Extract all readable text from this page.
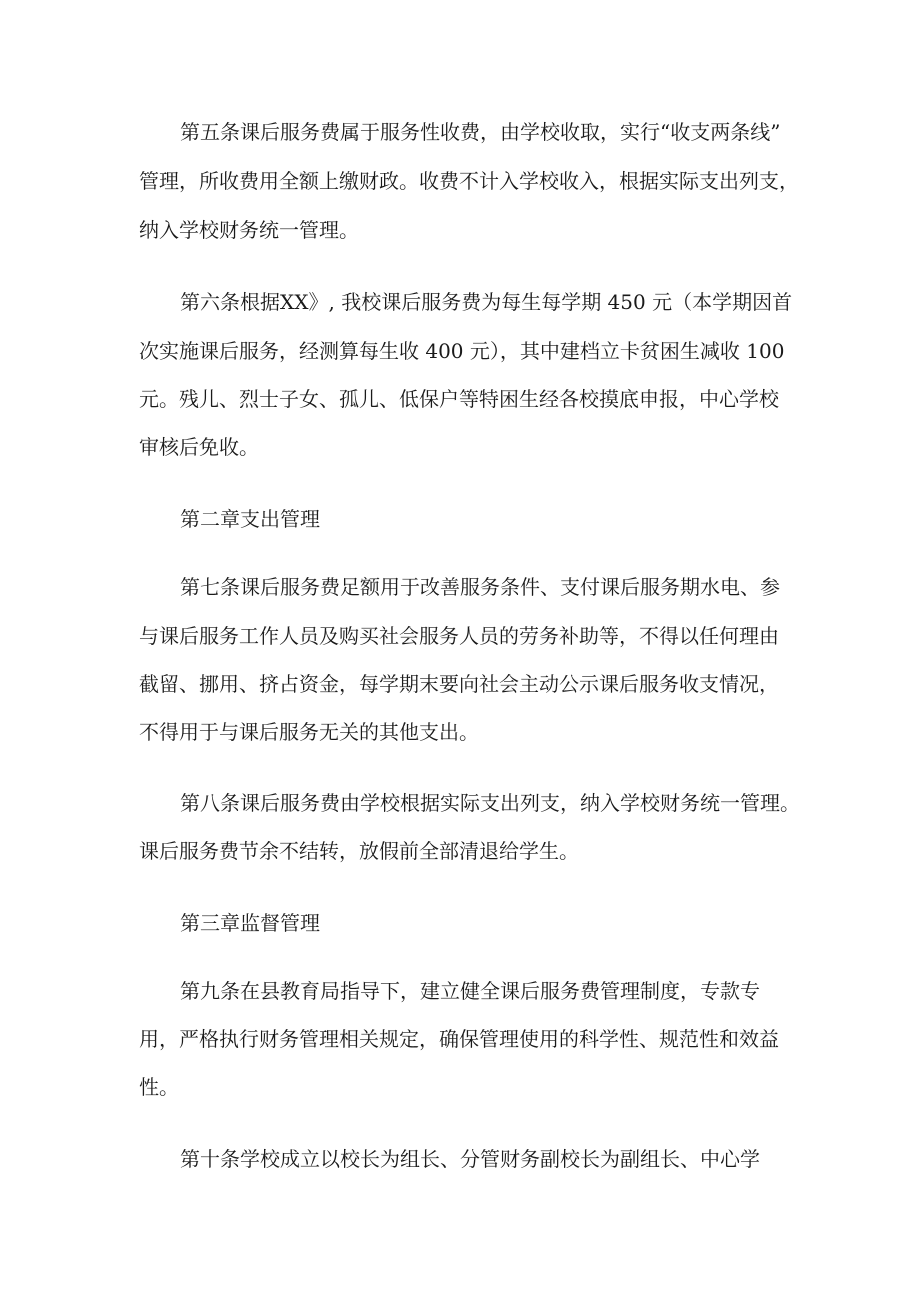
第五条课后服务费属于服务性收费，由学校收取，实行“收支两条线”

管理，所收费用全额上缴财政。收费不计入学校收入，根据实际支出列支，

纳入学校财务统一管理。

第六条根据XX》, 我校课后服务费为每生每学期 450 元（本学期因首

次实施课后服务，经测算每生收 400 元），其中建档立卡贫困生减收 100

元。残儿、烈士子女、孤儿、低保户等特困生经各校摸底申报，中心学校

审核后免收。

第二章支出管理

第七条课后服务费足额用于改善服务条件、支付课后服务期水电、参

与课后服务工作人员及购买社会服务人员的劳务补助等，不得以任何理由

截留、挪用、挤占资金，每学期末要向社会主动公示课后服务收支情况，

不得用于与课后服务无关的其他支出。

第八条课后服务费由学校根据实际支出列支，纳入学校财务统一管理。

课后服务费节余不结转，放假前全部清退给学生。

第三章监督管理

第九条在县教育局指导下，建立健全课后服务费管理制度，专款专

用，严格执行财务管理相关规定，确保管理使用的科学性、规范性和效益

性。

第十条学校成立以校长为组长、分管财务副校长为副组长、中心学
